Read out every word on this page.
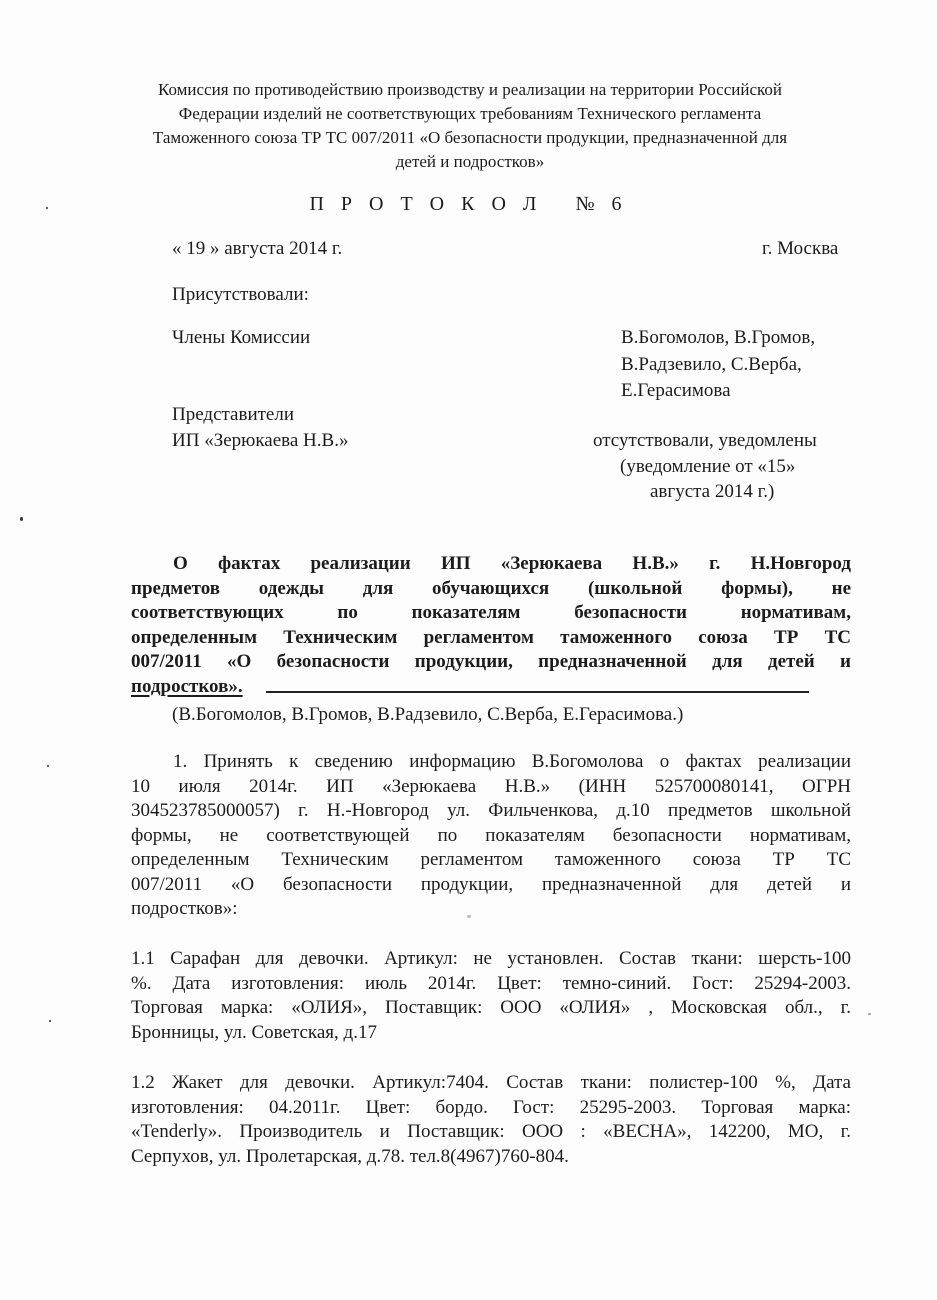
Комиссия по противодействию производству и реализации на территории Российской
Федерации изделий не соответствующих требованиям Технического регламента
Таможенного союза ТР ТС 007/2011 «О безопасности продукции, предназначенной для
детей и подростков»
П Р О Т О К О Л   № 6
« 19 » августа 2014 г.	г. Москва
Присутствовали:
Члены Комиссии	В.Богомолов, В.Громов,
В.Радзевило, С.Верба,
Е.Герасимова
Представители
ИП «Зерюкаева Н.В.»	отсутствовали, уведомлены
(уведомление от «15»
августа 2014 г.)
О фактах реализации ИП «Зерюкаева Н.В.» г. Н.Новгород
предметов одежды для обучающихся (школьной формы), не
соответствующих по показателям безопасности нормативам,
определенным Техническим регламентом таможенного союза ТР ТС
007/2011 «О безопасности продукции, предназначенной для детей и
подростков».
(В.Богомолов, В.Громов, В.Радзевило, С.Верба, Е.Герасимова.)
1. Принять к сведению информацию В.Богомолова о фактах реализации
10 июля 2014г. ИП «Зерюкаева Н.В.» (ИНН 525700080141, ОГРН
304523785000057) г. Н.-Новгород ул. Фильченкова, д.10 предметов школьной
формы, не соответствующей по показателям безопасности нормативам,
определенным Техническим регламентом таможенного союза ТР ТС
007/2011 «О безопасности продукции, предназначенной для детей и
подростков»:
1.1 Сарафан для девочки. Артикул: не установлен. Состав ткани: шерсть-100
%. Дата изготовления: июль 2014г. Цвет: темно-синий. Гост: 25294-2003.
Торговая марка: «ОЛИЯ», Поставщик: ООО «ОЛИЯ» , Московская обл., г.
Бронницы, ул. Советская, д.17
1.2 Жакет для девочки. Артикул:7404. Состав ткани: полистер-100 %, Дата
изготовления: 04.2011г. Цвет: бордо. Гост: 25295-2003. Торговая марка:
«Tenderly». Производитель и Поставщик: ООО : «ВЕСНА», 142200, МО, г.
Серпухов, ул. Пролетарская, д.78. тел.8(4967)760-804.
